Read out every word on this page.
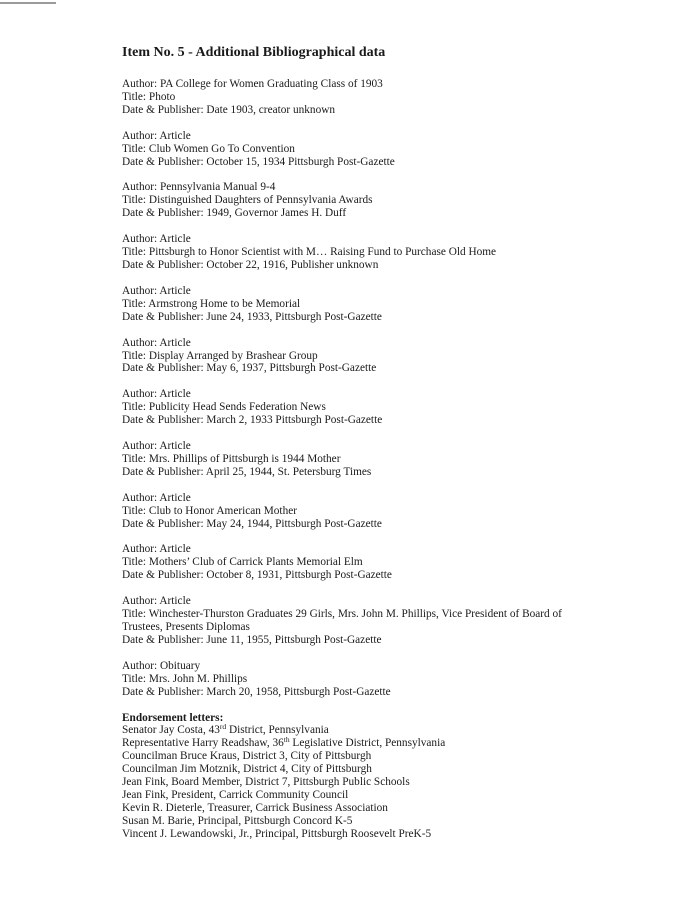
Item No. 5 - Additional Bibliographical data
Author: PA College for Women Graduating Class of 1903
Title: Photo
Date & Publisher: Date 1903, creator unknown
Author: Article
Title: Club Women Go To Convention
Date & Publisher: October 15, 1934 Pittsburgh Post-Gazette
Author: Pennsylvania Manual 9-4
Title: Distinguished Daughters of Pennsylvania Awards
Date & Publisher: 1949, Governor James H. Duff
Author: Article
Title: Pittsburgh to Honor Scientist with M… Raising Fund to Purchase Old Home
Date & Publisher: October 22, 1916, Publisher unknown
Author: Article
Title: Armstrong Home to be Memorial
Date & Publisher: June 24, 1933, Pittsburgh Post-Gazette
Author: Article
Title: Display Arranged by Brashear Group
Date & Publisher: May 6, 1937, Pittsburgh Post-Gazette
Author: Article
Title: Publicity Head Sends Federation News
Date & Publisher: March 2, 1933 Pittsburgh Post-Gazette
Author: Article
Title: Mrs. Phillips of Pittsburgh is 1944 Mother
Date & Publisher: April 25, 1944, St. Petersburg Times
Author: Article
Title: Club to Honor American Mother
Date & Publisher: May 24, 1944, Pittsburgh Post-Gazette
Author: Article
Title: Mothers’ Club of Carrick Plants Memorial Elm
Date & Publisher: October 8, 1931, Pittsburgh Post-Gazette
Author: Article
Title: Winchester-Thurston Graduates 29 Girls, Mrs. John M. Phillips, Vice President of Board of Trustees, Presents Diplomas
Date & Publisher: June 11, 1955, Pittsburgh Post-Gazette
Author: Obituary
Title: Mrs. John M. Phillips
Date & Publisher: March 20, 1958, Pittsburgh Post-Gazette
Endorsement letters:
Senator Jay Costa, 43rd District, Pennsylvania
Representative Harry Readshaw, 36th Legislative District, Pennsylvania
Councilman Bruce Kraus, District 3, City of Pittsburgh
Councilman Jim Motznik, District 4, City of Pittsburgh
Jean Fink, Board Member, District 7, Pittsburgh Public Schools
Jean Fink, President, Carrick Community Council
Kevin R. Dieterle, Treasurer, Carrick Business Association
Susan M. Barie, Principal, Pittsburgh Concord K-5
Vincent J. Lewandowski, Jr., Principal, Pittsburgh Roosevelt PreK-5
